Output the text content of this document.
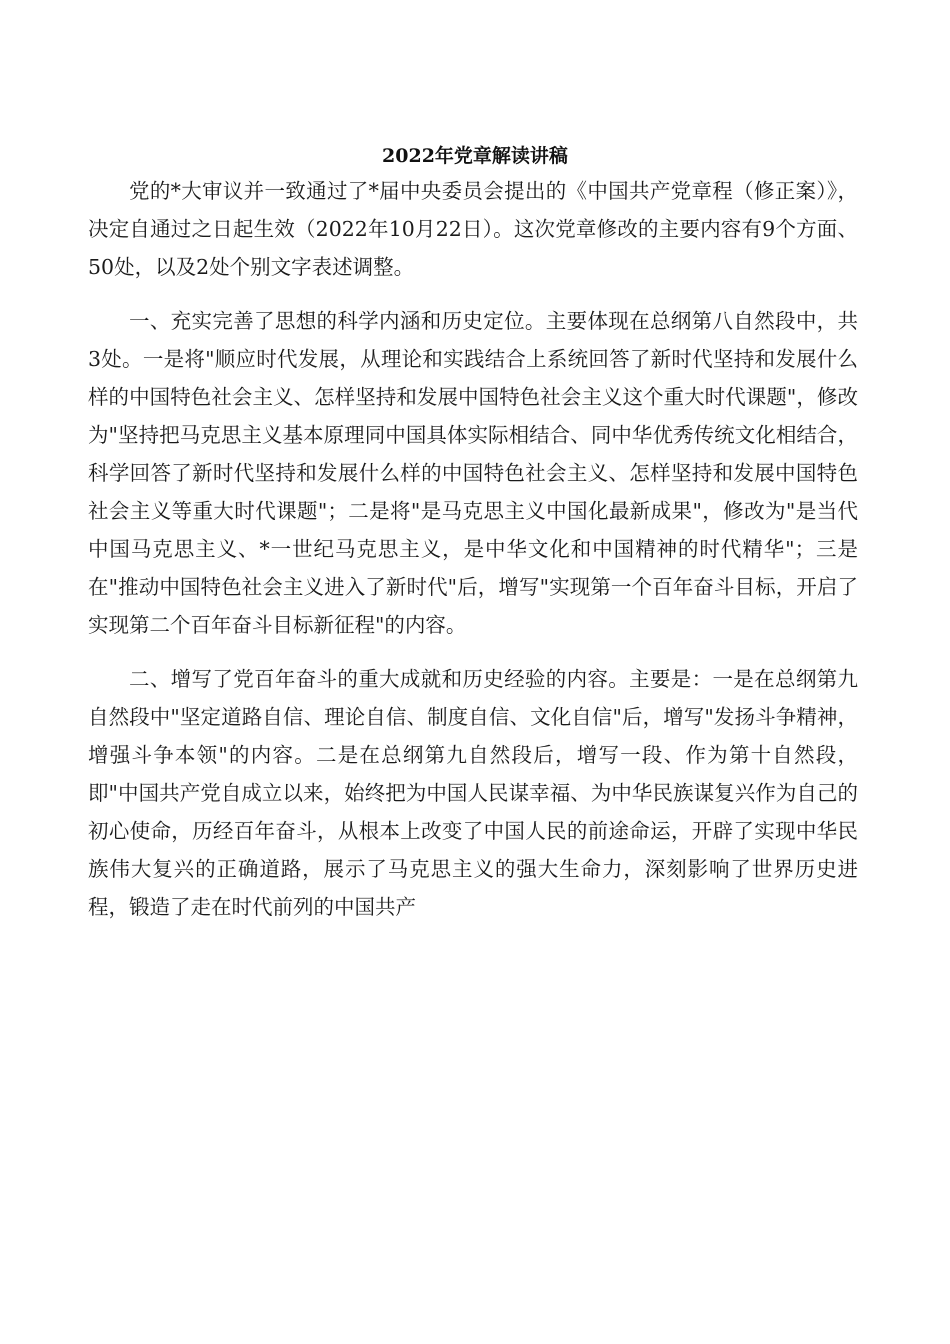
2022年党章解读讲稿

党的*大审议并一致通过了*届中央委员会提出的《中国共产党章程（修正案）》，决定自通过之日起生效（2022年10月22日）。这次党章修改的主要内容有9个方面、50处，以及2处个别文字表述调整。

一、充实完善了思想的科学内涵和历史定位。主要体现在总纲第八自然段中，共3处。一是将"顺应时代发展，从理论和实践结合上系统回答了新时代坚持和发展什么样的中国特色社会主义、怎样坚持和发展中国特色社会主义这个重大时代课题"，修改为"坚持把马克思主义基本原理同中国具体实际相结合、同中华优秀传统文化相结合，科学回答了新时代坚持和发展什么样的中国特色社会主义、怎样坚持和发展中国特色社会主义等重大时代课题"；二是将"是马克思主义中国化最新成果"，修改为"是当代中国马克思主义、*一世纪马克思主义，是中华文化和中国精神的时代精华"；三是在"推动中国特色社会主义进入了新时代"后，增写"实现第一个百年奋斗目标，开启了实现第二个百年奋斗目标新征程"的内容。

二、增写了党百年奋斗的重大成就和历史经验的内容。主要是：一是在总纲第九自然段中"坚定道路自信、理论自信、制度自信、文化自信"后，增写"发扬斗争精神，增强斗争本领"的内容。二是在总纲第九自然段后，增写一段、作为第十自然段，即"中国共产党自成立以来，始终把为中国人民谋幸福、为中华民族谋复兴作为自己的初心使命，历经百年奋斗，从根本上改变了中国人民的前途命运，开辟了实现中华民族伟大复兴的正确道路，展示了马克思主义的强大生命力，深刻影响了世界历史进程，锻造了走在时代前列的中国共产
